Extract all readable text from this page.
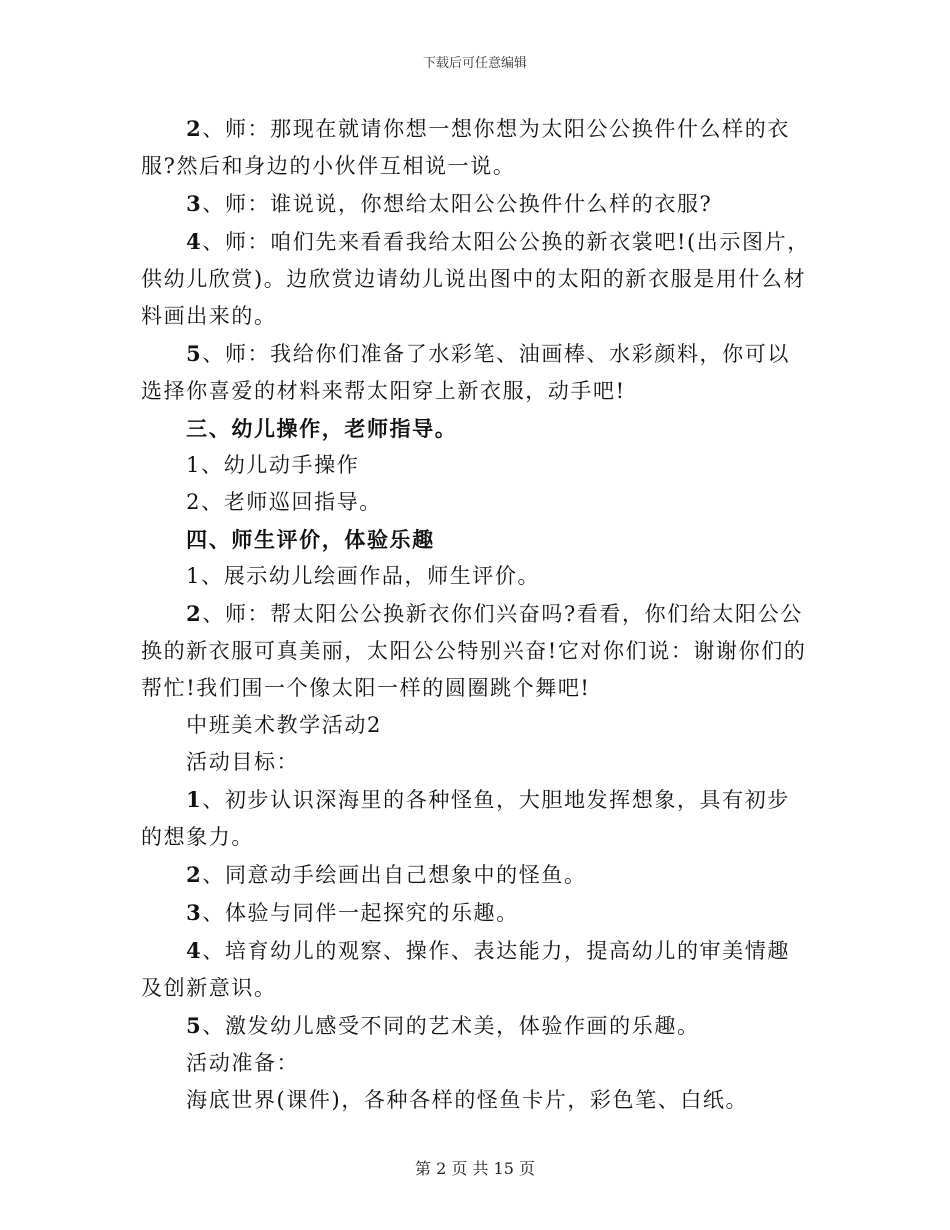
下载后可任意编辑

2、师：那现在就请你想一想你想为太阳公公换件什么样的衣服?然后和身边的小伙伴互相说一说。

3、师：谁说说，你想给太阳公公换件什么样的衣服?

4、师：咱们先来看看我给太阳公公换的新衣裳吧!(出示图片，供幼儿欣赏)。边欣赏边请幼儿说出图中的太阳的新衣服是用什么材料画出来的。

5、师：我给你们准备了水彩笔、油画棒、水彩颜料，你可以选择你喜爱的材料来帮太阳穿上新衣服，动手吧!

三、幼儿操作，老师指导。

1、幼儿动手操作

2、老师巡回指导。

四、师生评价，体验乐趣

1、展示幼儿绘画作品，师生评价。

2、师：帮太阳公公换新衣你们兴奋吗?看看，你们给太阳公公换的新衣服可真美丽，太阳公公特别兴奋!它对你们说：谢谢你们的帮忙!我们围一个像太阳一样的圆圈跳个舞吧!

中班美术教学活动2

活动目标：

1、初步认识深海里的各种怪鱼，大胆地发挥想象，具有初步的想象力。

2、同意动手绘画出自己想象中的怪鱼。

3、体验与同伴一起探究的乐趣。

4、培育幼儿的观察、操作、表达能力，提高幼儿的审美情趣及创新意识。

5、激发幼儿感受不同的艺术美，体验作画的乐趣。

活动准备：

海底世界(课件)，各种各样的怪鱼卡片，彩色笔、白纸。

第 2 页 共 15 页
